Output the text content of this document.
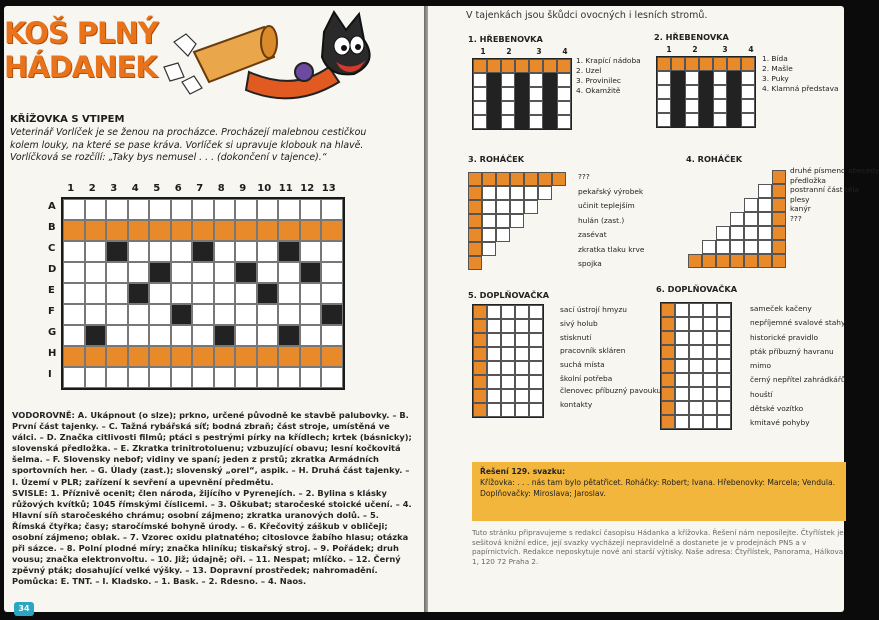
KOŠ PLNÝ
HÁDANEK
KŘÍŽOVKA S VTIPEM
Veterinář Vorlíček je se ženou na procházce. Procházejí malebnou cestičkou kolem louky, na které se pase kráva. Vorlíček si upravuje klobouk na hlavě. Vorlíčková se rozčílí: „Taky bys nemusel . . . (dokončení v tajence).“
1	2	3	4	5	6	7	8	9	10 11 12 13
A
B
C
D
E
F
G
H
I
VODOROVNĚ: A. Ukápnout (o slze); prkno, určené původně ke stavbě palubovky. – B. První část tajenky. – C. Tažná rybářská síť; bodná zbraň; část stroje, umístěná ve válci. – D. Značka citlivosti filmů; ptáci s pestrými pírky na křídlech; krtek (básnicky); slovenská předložka. – E. Zkratka trinitrotoluenu; vzbuzující obavu; lesní kočkovitá šelma. – F. Slovensky nebof; vidiny ve spaní; jeden z prstů; zkratka Armádních sportovních her. – G. Úlady (zast.); slovenský „orel“, aspik. – H. Druhá část tajenky. – I. Území v PLR; zařízení k sevření a upevnění předmětu.
SVISLE: 1. Příznivě ocenit; člen národa, žijícího v Pyrenejích. – 2. Bylina s klásky růžových kvítků; 1045 římskými číslicemi. – 3. Oškubat; staročeské stoické učení. – 4. Hlavní síň staročeského chrámu; osobní zájmeno; zkratka uranových dolů. – 5. Římská čtyřka; časy; staročímské bohyně úrody. – 6. Křečovitý záškub v obličeji; osobní zájmeno; oblak. – 7. Vzorec oxidu platnatého; citoslovce žabího hlasu; otázka při sázce. – 8. Polní plodné míry; značka hliníku; tiskařský stroj. – 9. Pořádek; druh vousu; značka elektronvoltu. – 10. Již; údajně; oři. – 11. Nespat; mlíčko. – 12. Černý zpěvný pták; dosahující velké výšky. – 13. Dopravní prostředek; nahromadění.
Pomůcka: E. TNT. – I. Kladsko. – 1. Bask. – 2. Rdesno. – 4. Naos.
34
V tajenkách jsou škůdci ovocných i lesních stromů.
1. HŘEBENOVKA
1	2	3	4
1. Krapící nádoba
2. Uzel
3. Provinilec
4. Okamžitě
2. HŘEBENOVKA
1	2	3	4
1. Bída
2. Mašle
3. Puky
4. Klamná představa
3. ROHÁČEK
???
pekařský výrobek
učinit teplejším
hulán (zast.)
zasévat
zkratka tlaku krve
spojka
4. ROHÁČEK
druhé písmeno abecedy
předložka
postranní část těla
plesy
kanýr
???
5. DOPLŇOVAČKA
sací ústrojí hmyzu
sivý holub
stisknutí
pracovník skláren
suchá místa
školní potřeba
členovec příbuzný pavouku
kontakty
6. DOPLŇOVAČKA
sameček kačeny
nepříjemné svalové stahy
historické pravidlo
pták příbuzný havranu
mimo
černý nepřítel zahrádkářů
houští
dětské vozítko
kmitavé pohyby
Řešení 129. svazku:
Křížovka: . . . nás tam bylo pětatřicet. Roháčky: Robert; Ivana. Hřebenovky: Marcela; Vendula. Doplňovačky: Miroslava; Jaroslav.
Tuto stránku připravujeme s redakcí časopisu Hádanka a křížovka. Řešení nám neposílejte. Čtyřlístek je sešitová knižní edice, její svazky vycházejí nepravidelně a dostanete je v prodejnách PNS a v papírnictvích. Redakce neposkytuje nové ani starší výtisky. Naše adresa: Čtyřlístek, Panorama, Hálkova 1, 120 72 Praha 2.
